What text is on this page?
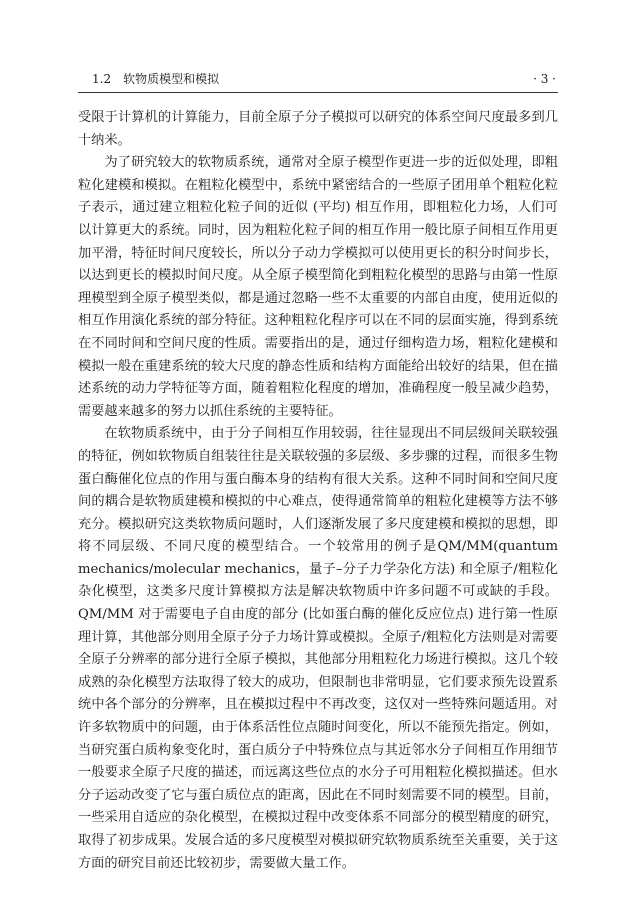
1.2 软物质模型和模拟	· 3 ·

受限于计算机的计算能力，目前全原子分子模拟可以研究的体系空间尺度最多到几十纳米。

为了研究较大的软物质系统，通常对全原子模型作更进一步的近似处理，即粗粒化建模和模拟。在粗粒化模型中，系统中紧密结合的一些原子团用单个粗粒化粒子表示，通过建立粗粒化粒子间的近似 (平均) 相互作用，即粗粒化力场，人们可以计算更大的系统。同时，因为粗粒化粒子间的相互作用一般比原子间相互作用更加平滑，特征时间尺度较长，所以分子动力学模拟可以使用更长的积分时间步长，以达到更长的模拟时间尺度。从全原子模型简化到粗粒化模型的思路与由第一性原理模型到全原子模型类似，都是通过忽略一些不太重要的内部自由度，使用近似的相互作用演化系统的部分特征。这种粗粒化程序可以在不同的层面实施，得到系统在不同时间和空间尺度的性质。需要指出的是，通过仔细构造力场，粗粒化建模和模拟一般在重建系统的较大尺度的静态性质和结构方面能给出较好的结果，但在描述系统的动力学特征等方面，随着粗粒化程度的增加，准确程度一般呈减少趋势，需要越来越多的努力以抓住系统的主要特征。

在软物质系统中，由于分子间相互作用较弱，往往显现出不同层级间关联较强的特征，例如软物质自组装往往是关联较强的多层级、多步骤的过程，而很多生物蛋白酶催化位点的作用与蛋白酶本身的结构有很大关系。这种不同时间和空间尺度间的耦合是软物质建模和模拟的中心难点，使得通常简单的粗粒化建模等方法不够充分。模拟研究这类软物质问题时，人们逐渐发展了多尺度建模和模拟的思想，即将不同层级、不同尺度的模型结合。一个较常用的例子是QM/MM(quantum mechanics/molecular mechanics，量子–分子力学杂化方法) 和全原子/粗粒化杂化模型，这类多尺度计算模拟方法是解决软物质中许多问题不可或缺的手段。QM/MM 对于需要电子自由度的部分 (比如蛋白酶的催化反应位点) 进行第一性原理计算，其他部分则用全原子分子力场计算或模拟。全原子/粗粒化方法则是对需要全原子分辨率的部分进行全原子模拟，其他部分用粗粒化力场进行模拟。这几个较成熟的杂化模型方法取得了较大的成功，但限制也非常明显，它们要求预先设置系统中各个部分的分辨率，且在模拟过程中不再改变，这仅对一些特殊问题适用。对许多软物质中的问题，由于体系活性位点随时间变化，所以不能预先指定。例如，当研究蛋白质构象变化时，蛋白质分子中特殊位点与其近邻水分子间相互作用细节一般要求全原子尺度的描述，而远离这些位点的水分子可用粗粒化模拟描述。但水分子运动改变了它与蛋白质位点的距离，因此在不同时刻需要不同的模型。目前，一些采用自适应的杂化模型，在模拟过程中改变体系不同部分的模型精度的研究，取得了初步成果。发展合适的多尺度模型对模拟研究软物质系统至关重要，关于这方面的研究目前还比较初步，需要做大量工作。
